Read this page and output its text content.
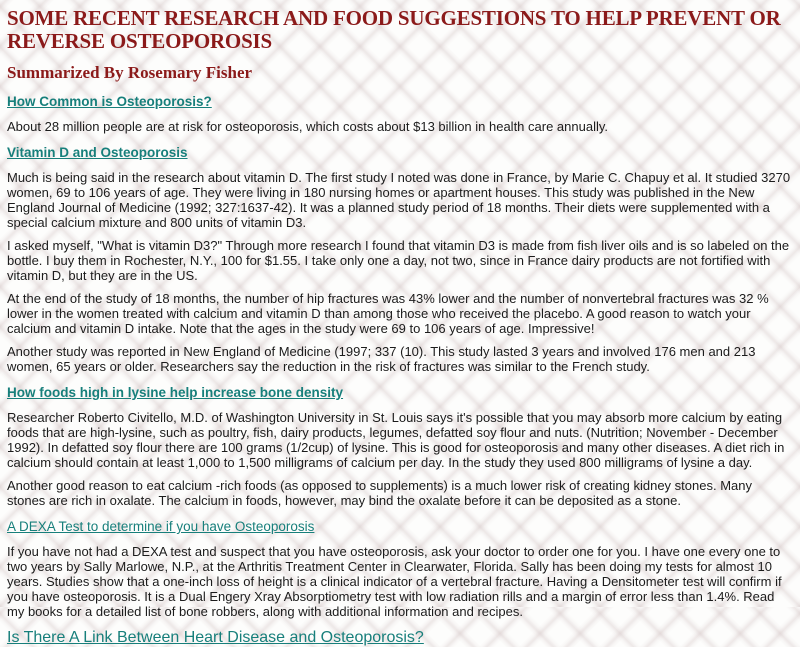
SOME RECENT RESEARCH AND FOOD SUGGESTIONS TO HELP PREVENT OR REVERSE OSTEOPOROSIS
Summarized By Rosemary Fisher
How Common is Osteoporosis?

About 28 million people are at risk for osteoporosis, which costs about $13 billion in health care annually.

Vitamin D and Osteoporosis

Much is being said in the research about vitamin D. The first study I noted was done in France, by Marie C. Chapuy et al. It studied 3270 women, 69 to 106 years of age. They were living in 180 nursing homes or apartment houses. This study was published in the New England Journal of Medicine (1992; 327:1637-42). It was a planned study period of 18 months. Their diets were supplemented with a special calcium mixture and 800 units of vitamin D3.

I asked myself, "What is vitamin D3?" Through more research I found that vitamin D3 is made from fish liver oils and is so labeled on the bottle. I buy them in Rochester, N.Y., 100 for $1.55. I take only one a day, not two, since in France dairy products are not fortified with vitamin D, but they are in the US.

At the end of the study of 18 months, the number of hip fractures was 43% lower and the number of nonvertebral fractures was 32 % lower in the women treated with calcium and vitamin D than among those who received the placebo. A good reason to watch your calcium and vitamin D intake. Note that the ages in the study were 69 to 106 years of age. Impressive!

Another study was reported in New England of Medicine (1997; 337 (10). This study lasted 3 years and involved 176 men and 213 women, 65 years or older. Researchers say the reduction in the risk of fractures was similar to the French study.

How foods high in lysine help increase bone density

Researcher Roberto Civitello, M.D. of Washington University in St. Louis says it's possible that you may absorb more calcium by eating foods that are high-lysine, such as poultry, fish, dairy products, legumes, defatted soy flour and nuts. (Nutrition; November - December 1992). In defatted soy flour there are 100 grams (1/2cup) of lysine. This is good for osteoporosis and many other diseases. A diet rich in calcium should contain at least 1,000 to 1,500 milligrams of calcium per day. In the study they used 800 milligrams of lysine a day.

Another good reason to eat calcium -rich foods (as opposed to supplements) is a much lower risk of creating kidney stones. Many stones are rich in oxalate. The calcium in foods, however, may bind the oxalate before it can be deposited as a stone.

A DEXA Test to determine if you have Osteoporosis

If you have not had a DEXA test and suspect that you have osteoporosis, ask your doctor to order one for you. I have one every one to two years by Sally Marlowe, N.P., at the Arthritis Treatment Center in Clearwater, Florida. Sally has been doing my tests for almost 10 years. Studies show that a one-inch loss of height is a clinical indicator of a vertebral fracture. Having a Densitometer test will confirm if you have osteoporosis. It is a Dual Engery Xray Absorptiometry test with low radiation rills and a margin of error less than 1.4%. Read my books for a detailed list of bone robbers, along with additional information and recipes.

Is There A Link Between Heart Disease and Osteoporosis?
